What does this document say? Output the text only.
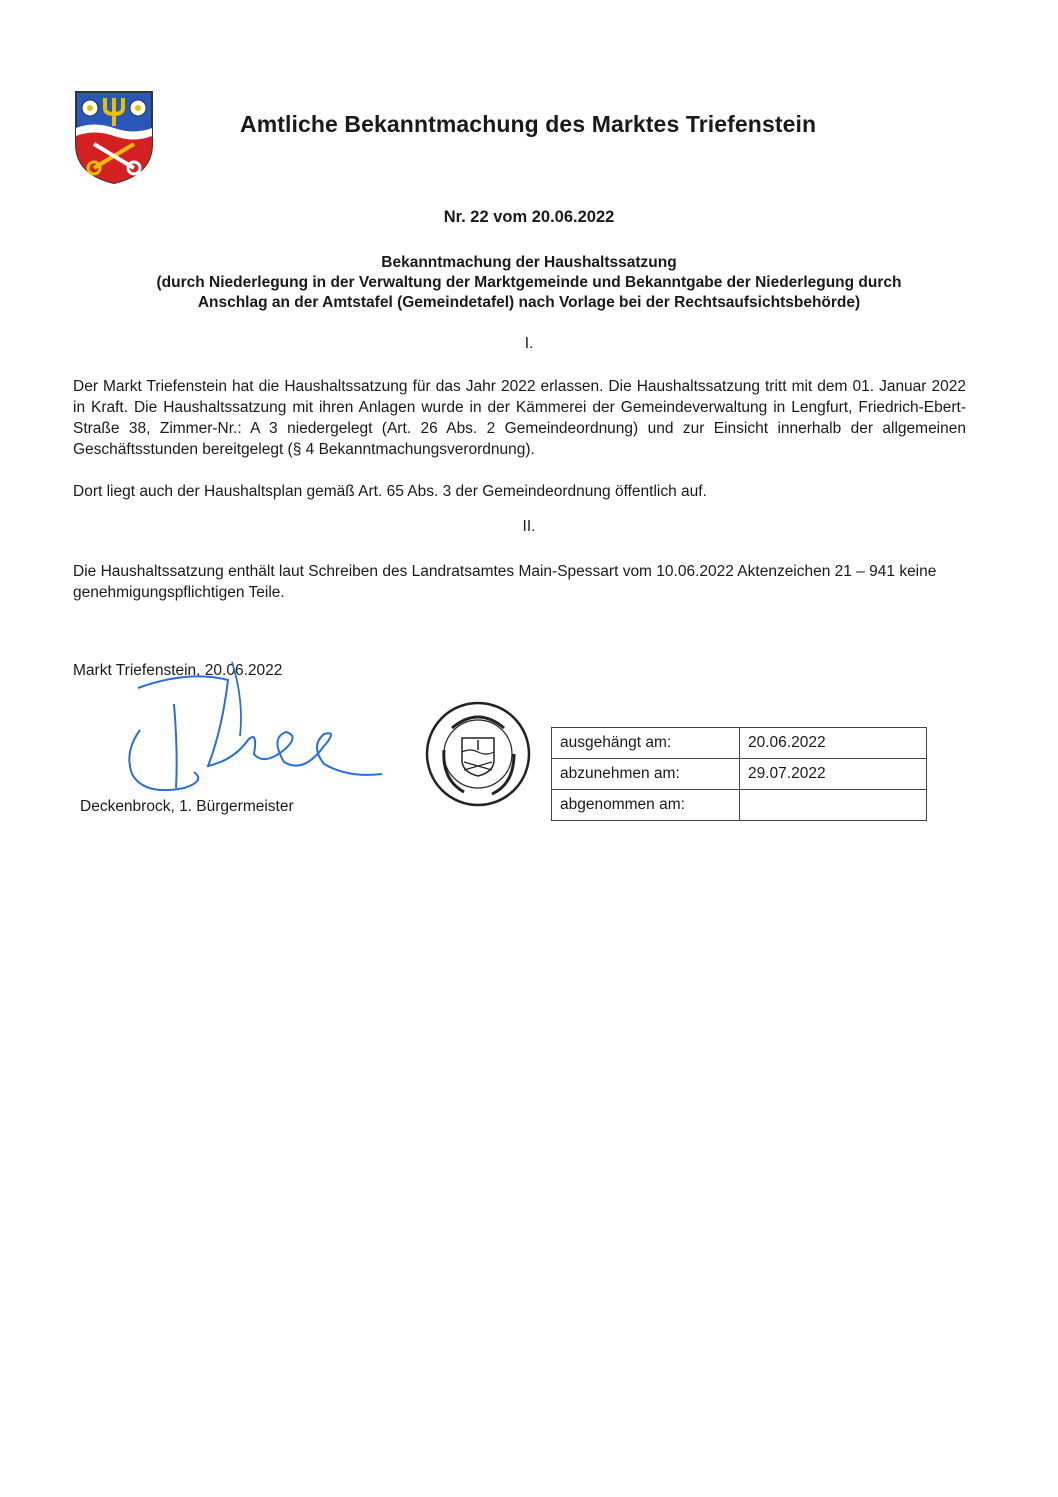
Amtliche Bekanntmachung des Marktes Triefenstein
Nr. 22 vom 20.06.2022
Bekanntmachung der Haushaltssatzung
(durch Niederlegung in der Verwaltung der Marktgemeinde und Bekanntgabe der Niederlegung durch
Anschlag an der Amtstafel (Gemeindetafel) nach Vorlage bei der Rechtsaufsichtsbehörde)
I.
Der Markt Triefenstein hat die Haushaltssatzung für das Jahr 2022 erlassen. Die Haushaltssatzung tritt mit dem 01. Januar 2022 in Kraft. Die Haushaltssatzung mit ihren Anlagen wurde in der Kämmerei der Gemeindeverwaltung in Lengfurt, Friedrich-Ebert-Straße 38, Zimmer-Nr.: A 3 niedergelegt (Art. 26 Abs. 2 Gemeindeordnung) und zur Einsicht innerhalb der allgemeinen Geschäftsstunden bereitgelegt (§ 4 Bekanntmachungsverordnung).
Dort liegt auch der Haushaltsplan gemäß Art. 65 Abs. 3 der Gemeindeordnung öffentlich auf.
II.
Die Haushaltssatzung enthält laut Schreiben des Landratsamtes Main-Spessart vom 10.06.2022 Aktenzeichen 21 – 941 keine genehmigungspflichtigen Teile.
Markt Triefenstein, 20.06.2022
Deckenbrock, 1. Bürgermeister
ausgehängt am:	20.06.2022
abzunehmen am:	29.07.2022
abgenommen am:	
